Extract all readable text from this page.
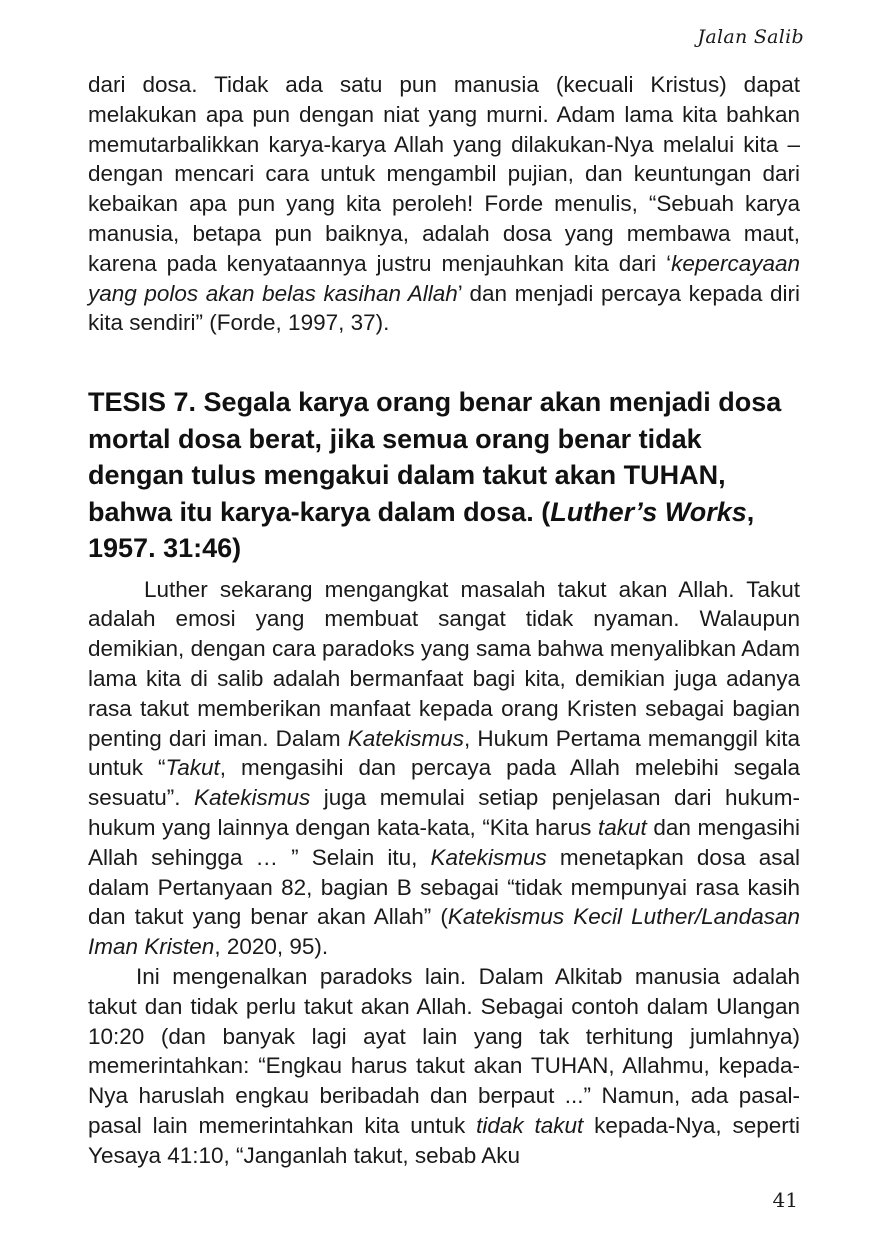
Jalan Salib

dari dosa. Tidak ada satu pun manusia (kecuali Kristus) dapat melakukan apa pun dengan niat yang murni. Adam lama kita bahkan memutarbalikkan karya-karya Allah yang dilakukan-Nya melalui kita – dengan mencari cara untuk mengambil pujian, dan keuntungan dari kebaikan apa pun yang kita peroleh! Forde menulis, “Sebuah karya manusia, betapa pun baiknya, adalah dosa yang membawa maut, karena pada kenyataannya justru menjauhkan kita dari ‘kepercayaan yang polos akan belas kasihan Allah’ dan menjadi percaya kepada diri kita sendiri” (Forde, 1997, 37).

TESIS 7. Segala karya orang benar akan menjadi dosa mortal dosa berat, jika semua orang benar tidak dengan tulus mengakui dalam takut akan TUHAN, bahwa itu karya-karya dalam dosa. (Luther’s Works, 1957. 31:46)

Luther sekarang mengangkat masalah takut akan Allah. Takut adalah emosi yang membuat sangat tidak nyaman. Walaupun demikian, dengan cara paradoks yang sama bahwa menyalibkan Adam lama kita di salib adalah bermanfaat bagi kita, demikian juga adanya rasa takut memberikan manfaat kepada orang Kristen sebagai bagian penting dari iman. Dalam Katekismus, Hukum Pertama memanggil kita untuk “Takut, mengasihi dan percaya pada Allah melebihi segala sesuatu”. Katekismus juga memulai setiap penjelasan dari hukum-hukum yang lainnya dengan kata-kata, “Kita harus takut dan mengasihi Allah sehingga … ” Selain itu, Katekismus menetapkan dosa asal dalam Pertanyaan 82, bagian B sebagai “tidak mempunyai rasa kasih dan takut yang benar akan Allah” (Katekismus Kecil Luther/Landasan Iman Kristen, 2020, 95).

Ini mengenalkan paradoks lain. Dalam Alkitab manusia adalah takut dan tidak perlu takut akan Allah. Sebagai contoh dalam Ulangan 10:20 (dan banyak lagi ayat lain yang tak terhitung jumlahnya) memerintahkan: “Engkau harus takut akan TUHAN, Allahmu, kepada-Nya haruslah engkau beribadah dan berpaut ...” Namun, ada pasal-pasal lain memerintahkan kita untuk tidak takut kepada-Nya, seperti Yesaya 41:10, “Janganlah takut, sebab Aku

41
